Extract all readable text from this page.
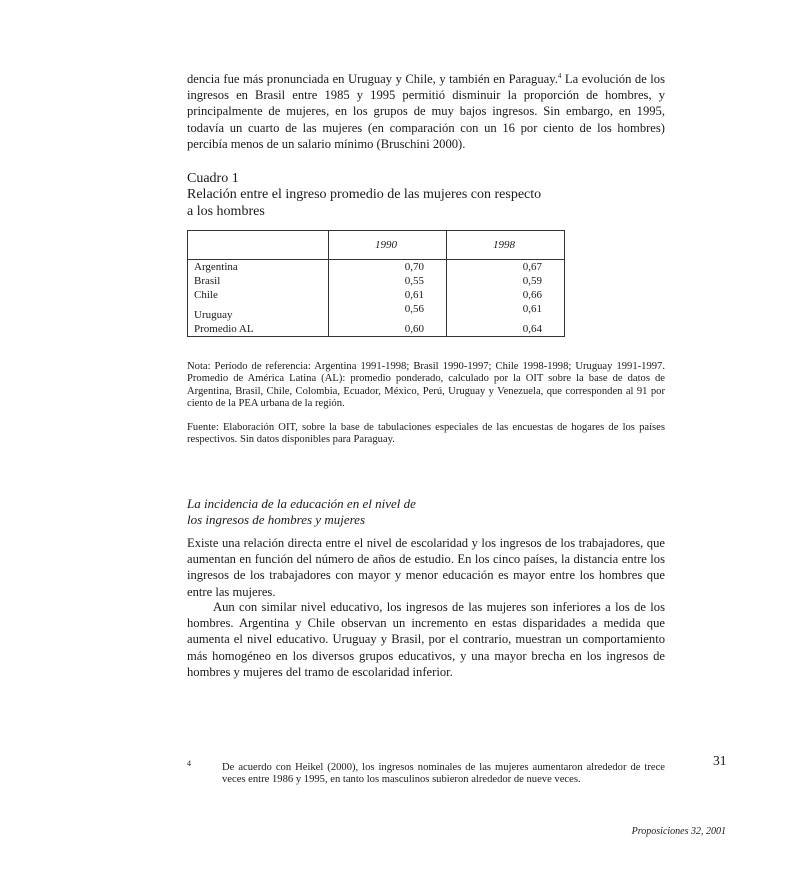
dencia fue más pronunciada en Uruguay y Chile, y también en Paraguay.$^4$ La evolución de los ingresos en Brasil entre 1985 y 1995 permitió disminuir la proporción de hombres, y principalmente de mujeres, en los grupos de muy bajos ingresos. Sin embargo, en 1995, todavía un cuarto de las mujeres (en comparación con un 16 por ciento de los hombres) percibía menos de un salario mínimo (Bruschini 2000).
Cuadro 1
Relación entre el ingreso promedio de las mujeres con respecto
a los hombres
	1990	1998
Argentina	0,70	0,67
Brasil	0,55	0,59
Chile	0,61	0,66
Uruguay	0,56	0,61
Promedio AL	0,60	0,64
Nota: Período de referencia: Argentina 1991-1998; Brasil 1990-1997; Chile 1998-1998; Uruguay 1991-1997. Promedio de América Latina (AL): promedio ponderado, calculado por la OIT sobre la base de datos de Argentina, Brasil, Chile, Colombia, Ecuador, México, Perú, Uruguay y Venezuela, que corresponden al 91 por ciento de la PEA urbana de la región.
Fuente: Elaboración OIT, sobre la base de tabulaciones especiales de las encuestas de hogares de los países respectivos. Sin datos disponibles para Paraguay.
La incidencia de la educación en el nivel de
los ingresos de hombres y mujeres
Existe una relación directa entre el nivel de escolaridad y los ingresos de los trabajadores, que aumentan en función del número de años de estudio. En los cinco países, la distancia entre los ingresos de los trabajadores con mayor y menor educación es mayor entre los hombres que entre las mujeres.
Aun con similar nivel educativo, los ingresos de las mujeres son inferiores a los de los hombres. Argentina y Chile observan un incremento en estas disparidades a medida que aumenta el nivel educativo. Uruguay y Brasil, por el contrario, muestran un comportamiento más homogéneo en los diversos grupos educativos, y una mayor brecha en los ingresos de hombres y mujeres del tramo de escolaridad inferior.
4	De acuerdo con Heikel (2000), los ingresos nominales de las mujeres aumentaron alrededor de trece veces entre 1986 y 1995, en tanto los masculinos subieron alrededor de nueve veces.
31
Proposiciones 32, 2001
